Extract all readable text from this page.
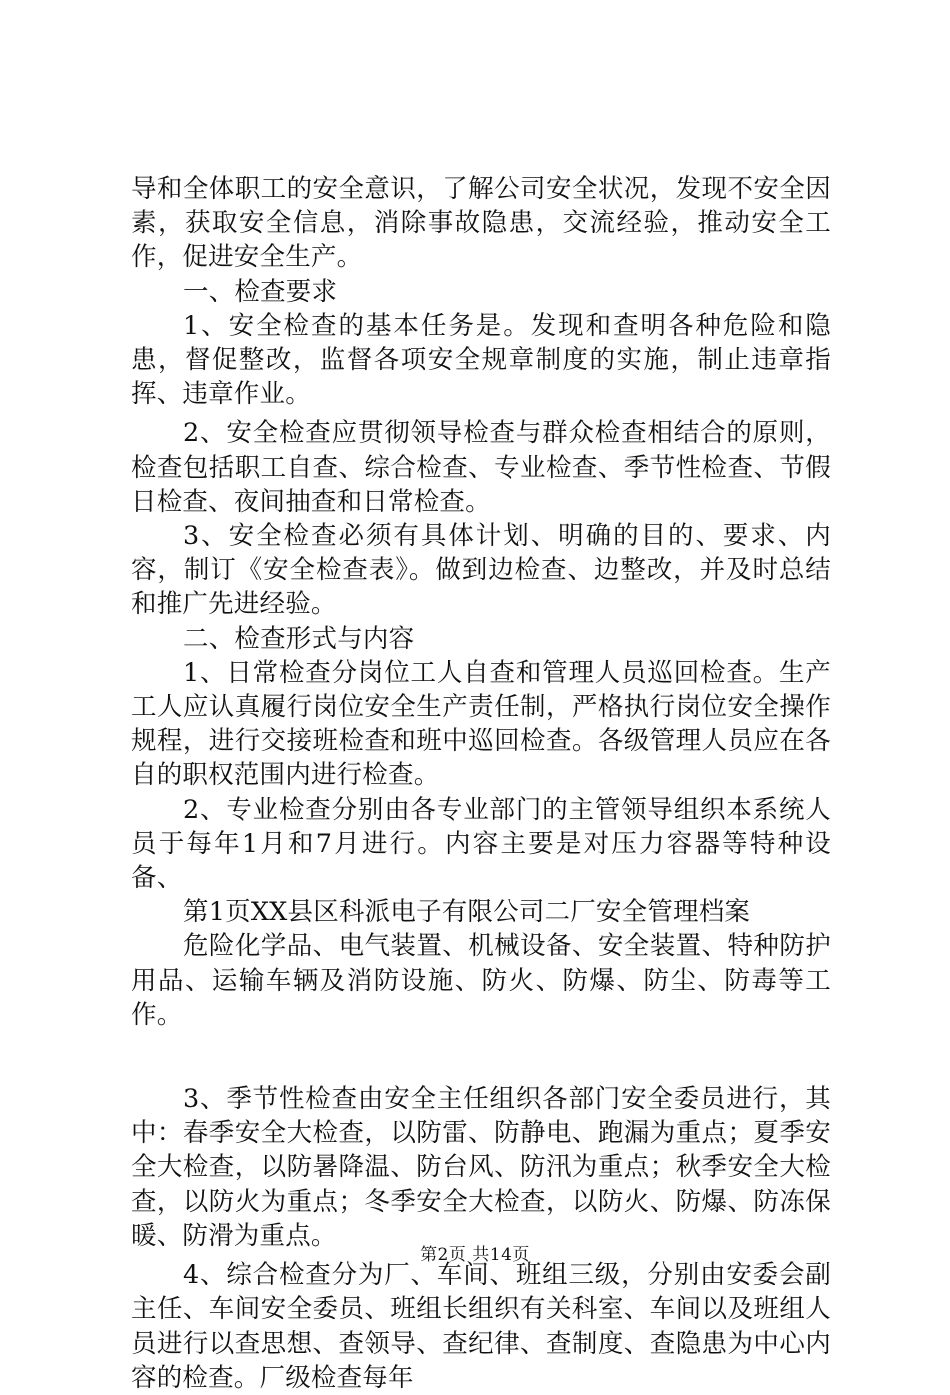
导和全体职工的安全意识，了解公司安全状况，发现不安全因素，获取安全信息，消除事故隐患，交流经验，推动安全工作，促进安全生产。

一、检查要求

1、安全检查的基本任务是。发现和查明各种危险和隐患，督促整改，监督各项安全规章制度的实施，制止违章指挥、违章作业。

2、安全检查应贯彻领导检查与群众检查相结合的原则，检查包括职工自查、综合检查、专业检查、季节性检查、节假日检查、夜间抽查和日常检查。

3、安全检查必须有具体计划、明确的目的、要求、内容，制订《安全检查表》。做到边检查、边整改，并及时总结和推广先进经验。

二、检查形式与内容

1、日常检查分岗位工人自查和管理人员巡回检查。生产工人应认真履行岗位安全生产责任制，严格执行岗位安全操作规程，进行交接班检查和班中巡回检查。各级管理人员应在各自的职权范围内进行检查。

2、专业检查分别由各专业部门的主管领导组织本系统人员于每年1月和7月进行。内容主要是对压力容器等特种设备、

第1页XX县区科派电子有限公司二厂安全管理档案

危险化学品、电气装置、机械设备、安全装置、特种防护用品、运输车辆及消防设施、防火、防爆、防尘、防毒等工作。

3、季节性检查由安全主任组织各部门安全委员进行，其中：春季安全大检查，以防雷、防静电、跑漏为重点；夏季安全大检查，以防暑降温、防台风、防汛为重点；秋季安全大检查，以防火为重点；冬季安全大检查，以防火、防爆、防冻保暖、防滑为重点。

4、综合检查分为厂、车间、班组三级，分别由安委会副主任、车间安全委员、班组长组织有关科室、车间以及班组人员进行以查思想、查领导、查纪律、查制度、查隐患为中心内容的检查。厂级检查每年

第2页 共14页
